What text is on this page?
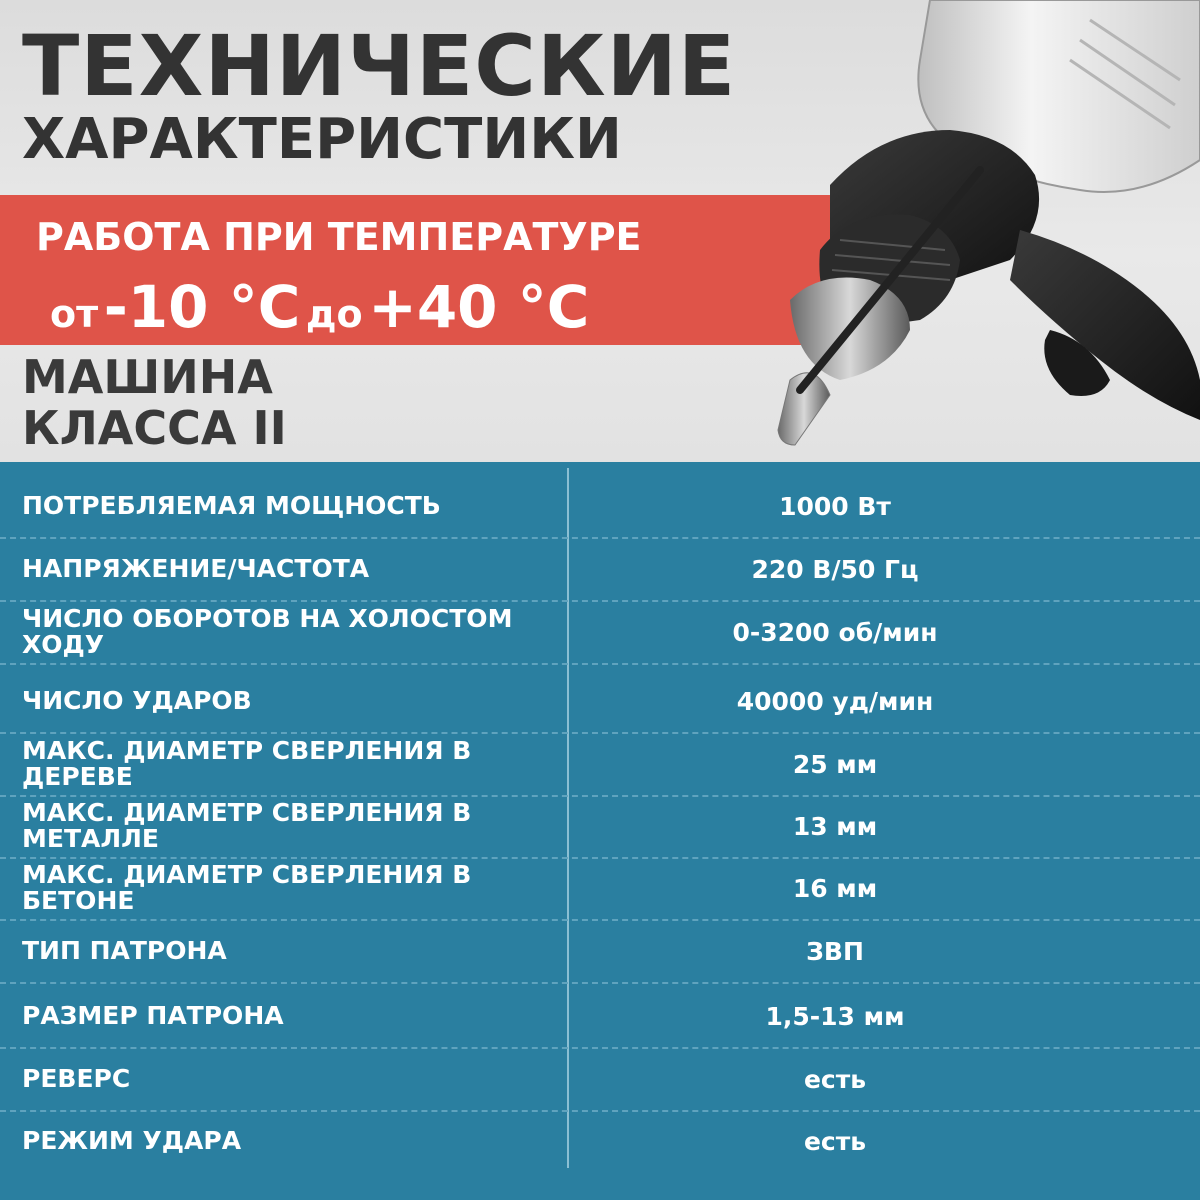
ТЕХНИЧЕСКИЕ
ХАРАКТЕРИСТИКИ
РАБОТА ПРИ ТЕМПЕРАТУРЕ
от -10 °C до +40 °C
МАШИНА
КЛАССА II
ПОТРЕБЛЯЕМАЯ МОЩНОСТЬ	1000 Вт
НАПРЯЖЕНИЕ/ЧАСТОТА	220 В/50 Гц
ЧИСЛО ОБОРОТОВ НА ХОЛОСТОМ ХОДУ	0-3200 об/мин
ЧИСЛО УДАРОВ	40000 уд/мин
МАКС. ДИАМЕТР СВЕРЛЕНИЯ В ДЕРЕВЕ	25 мм
МАКС. ДИАМЕТР СВЕРЛЕНИЯ В МЕТАЛЛЕ	13 мм
МАКС. ДИАМЕТР СВЕРЛЕНИЯ В БЕТОНЕ	16 мм
ТИП ПАТРОНА	ЗВП
РАЗМЕР ПАТРОНА	1,5-13 мм
РЕВЕРС	есть
РЕЖИМ УДАРА	есть
